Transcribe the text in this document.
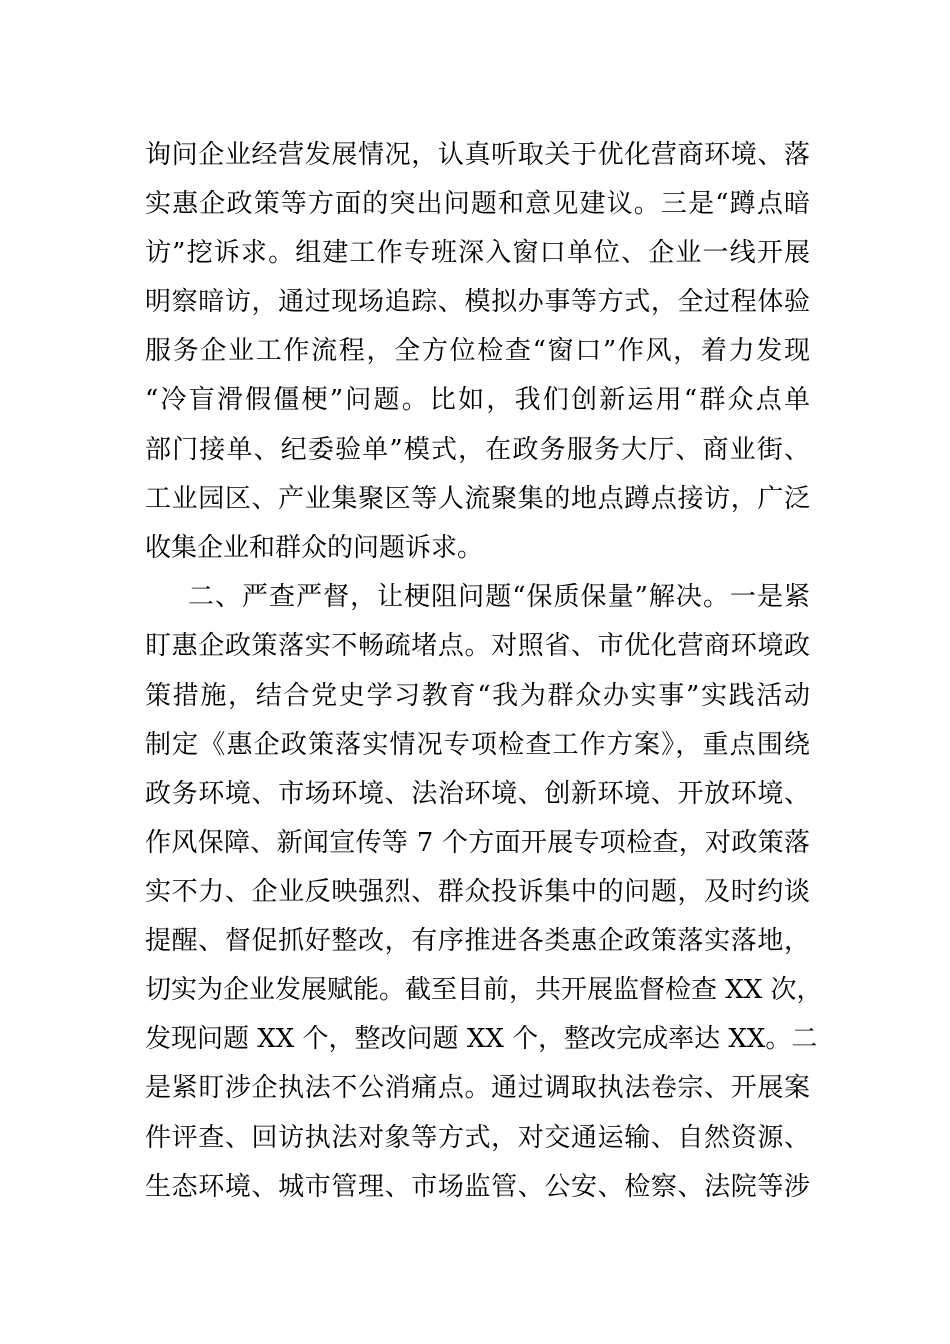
询问企业经营发展情况，认真听取关于优化营商环境、落
实惠企政策等方面的突出问题和意见建议。三是“蹲点暗
访”挖诉求。组建工作专班深入窗口单位、企业一线开展
明察暗访，通过现场追踪、模拟办事等方式，全过程体验
服务企业工作流程，全方位检查“窗口”作风，着力发现
“冷盲滑假僵梗”问题。比如，我们创新运用“群众点单
部门接单、纪委验单”模式，在政务服务大厅、商业街、
工业园区、产业集聚区等人流聚集的地点蹲点接访，广泛
收集企业和群众的问题诉求。
二、严查严督，让梗阻问题“保质保量”解决。一是紧
盯惠企政策落实不畅疏堵点。对照省、市优化营商环境政
策措施，结合党史学习教育“我为群众办实事”实践活动
制定《惠企政策落实情况专项检查工作方案》，重点围绕
政务环境、市场环境、法治环境、创新环境、开放环境、
作风保障、新闻宣传等 7 个方面开展专项检查，对政策落
实不力、企业反映强烈、群众投诉集中的问题，及时约谈
提醒、督促抓好整改，有序推进各类惠企政策落实落地，
切实为企业发展赋能。截至目前，共开展监督检查 XX 次，
发现问题 XX 个，整改问题 XX 个，整改完成率达 XX。二
是紧盯涉企执法不公消痛点。通过调取执法卷宗、开展案
件评查、回访执法对象等方式，对交通运输、自然资源、
生态环境、城市管理、市场监管、公安、检察、法院等涉
